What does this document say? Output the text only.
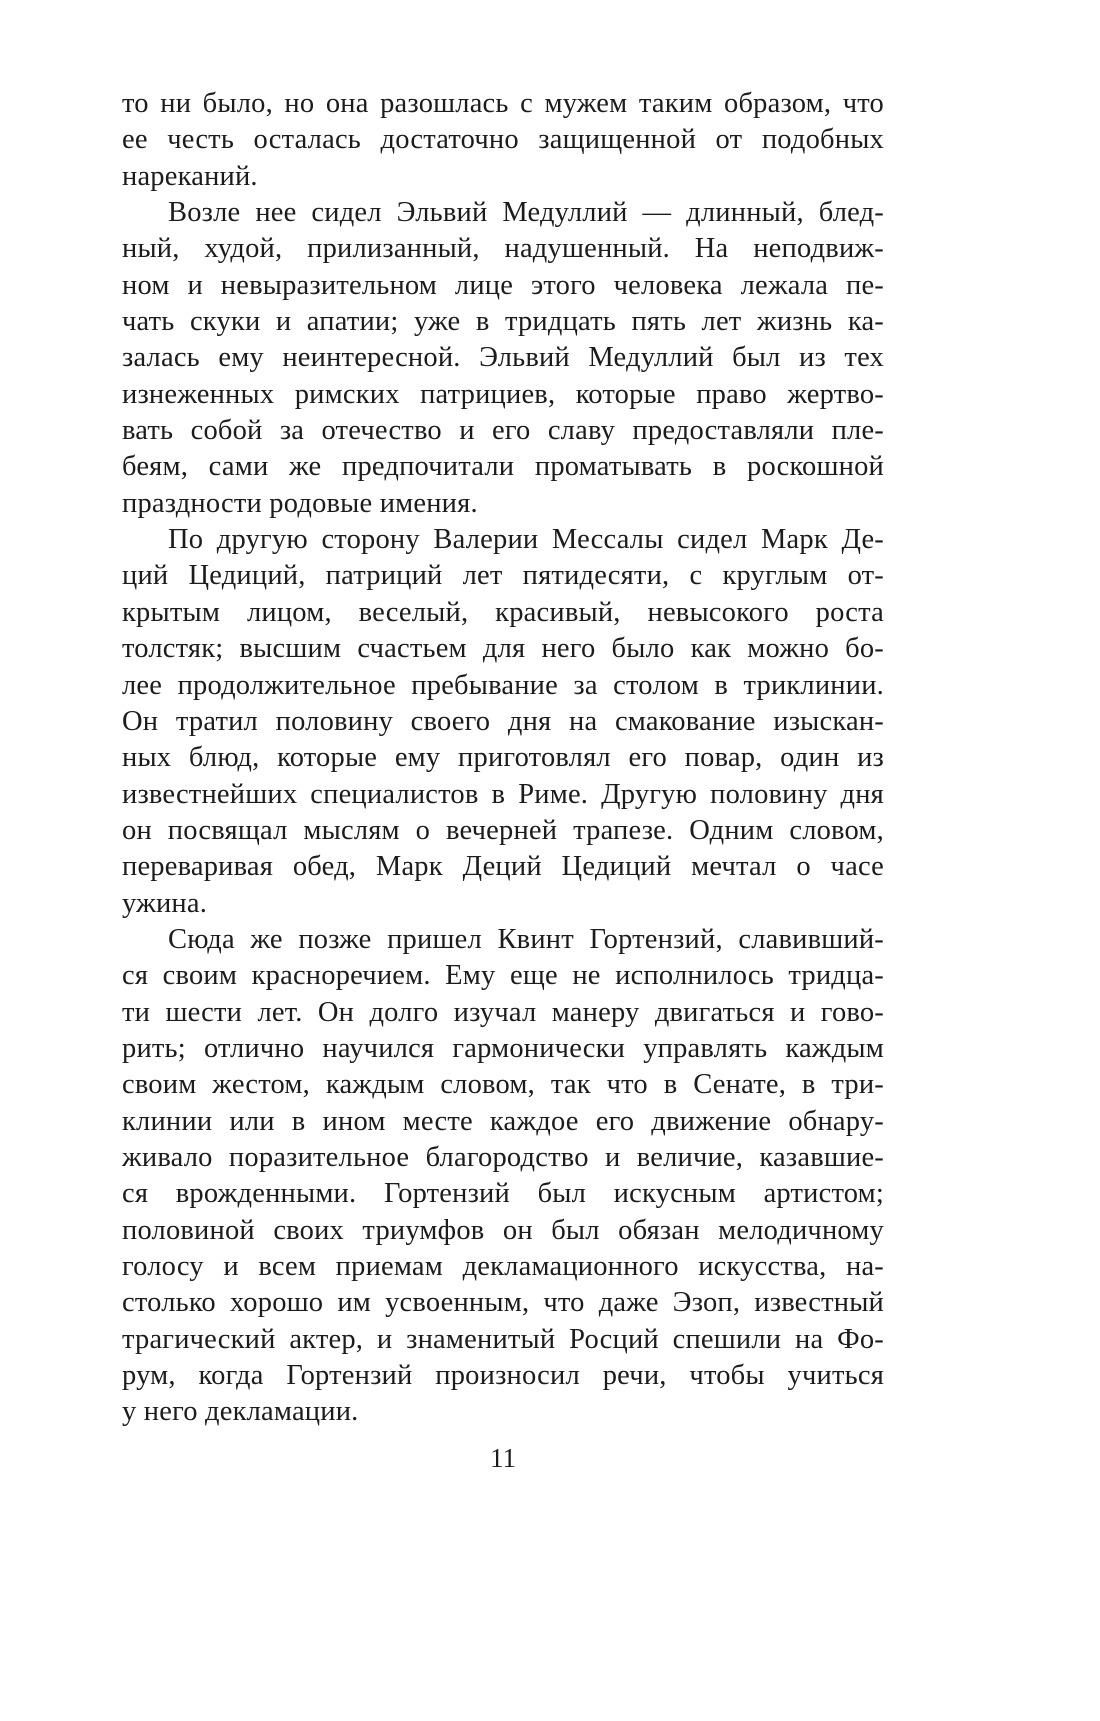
то ни было, но она разошлась с мужем таким образом, что
ее честь осталась достаточно защищенной от подобных
нареканий.
Возле нее сидел Эльвий Медуллий — длинный, блед-
ный, худой, прилизанный, надушенный. На неподвиж-
ном и невыразительном лице этого человека лежала пе-
чать скуки и апатии; уже в тридцать пять лет жизнь ка-
залась ему неинтересной. Эльвий Медуллий был из тех
изнеженных римских патрициев, которые право жертво-
вать собой за отечество и его славу предоставляли пле-
беям, сами же предпочитали проматывать в роскошной
праздности родовые имения.
По другую сторону Валерии Мессалы сидел Марк Де-
ций Цедиций, патриций лет пятидесяти, с круглым от-
крытым лицом, веселый, красивый, невысокого роста
толстяк; высшим счастьем для него было как можно бо-
лее продолжительное пребывание за столом в триклинии.
Он тратил половину своего дня на смакование изыскан-
ных блюд, которые ему приготовлял его повар, один из
известнейших специалистов в Риме. Другую половину дня
он посвящал мыслям о вечерней трапезе. Одним словом,
переваривая обед, Марк Деций Цедиций мечтал о часе
ужина.
Сюда же позже пришел Квинт Гортензий, славивший-
ся своим красноречием. Ему еще не исполнилось тридца-
ти шести лет. Он долго изучал манеру двигаться и гово-
рить; отлично научился гармонически управлять каждым
своим жестом, каждым словом, так что в Сенате, в три-
клинии или в ином месте каждое его движение обнару-
живало поразительное благородство и величие, казавшие-
ся врожденными. Гортензий был искусным артистом;
половиной своих триумфов он был обязан мелодичному
голосу и всем приемам декламационного искусства, на-
столько хорошо им усвоенным, что даже Эзоп, известный
трагический актер, и знаменитый Росций спешили на Фо-
рум, когда Гортензий произносил речи, чтобы учиться
у него декламации.
11
